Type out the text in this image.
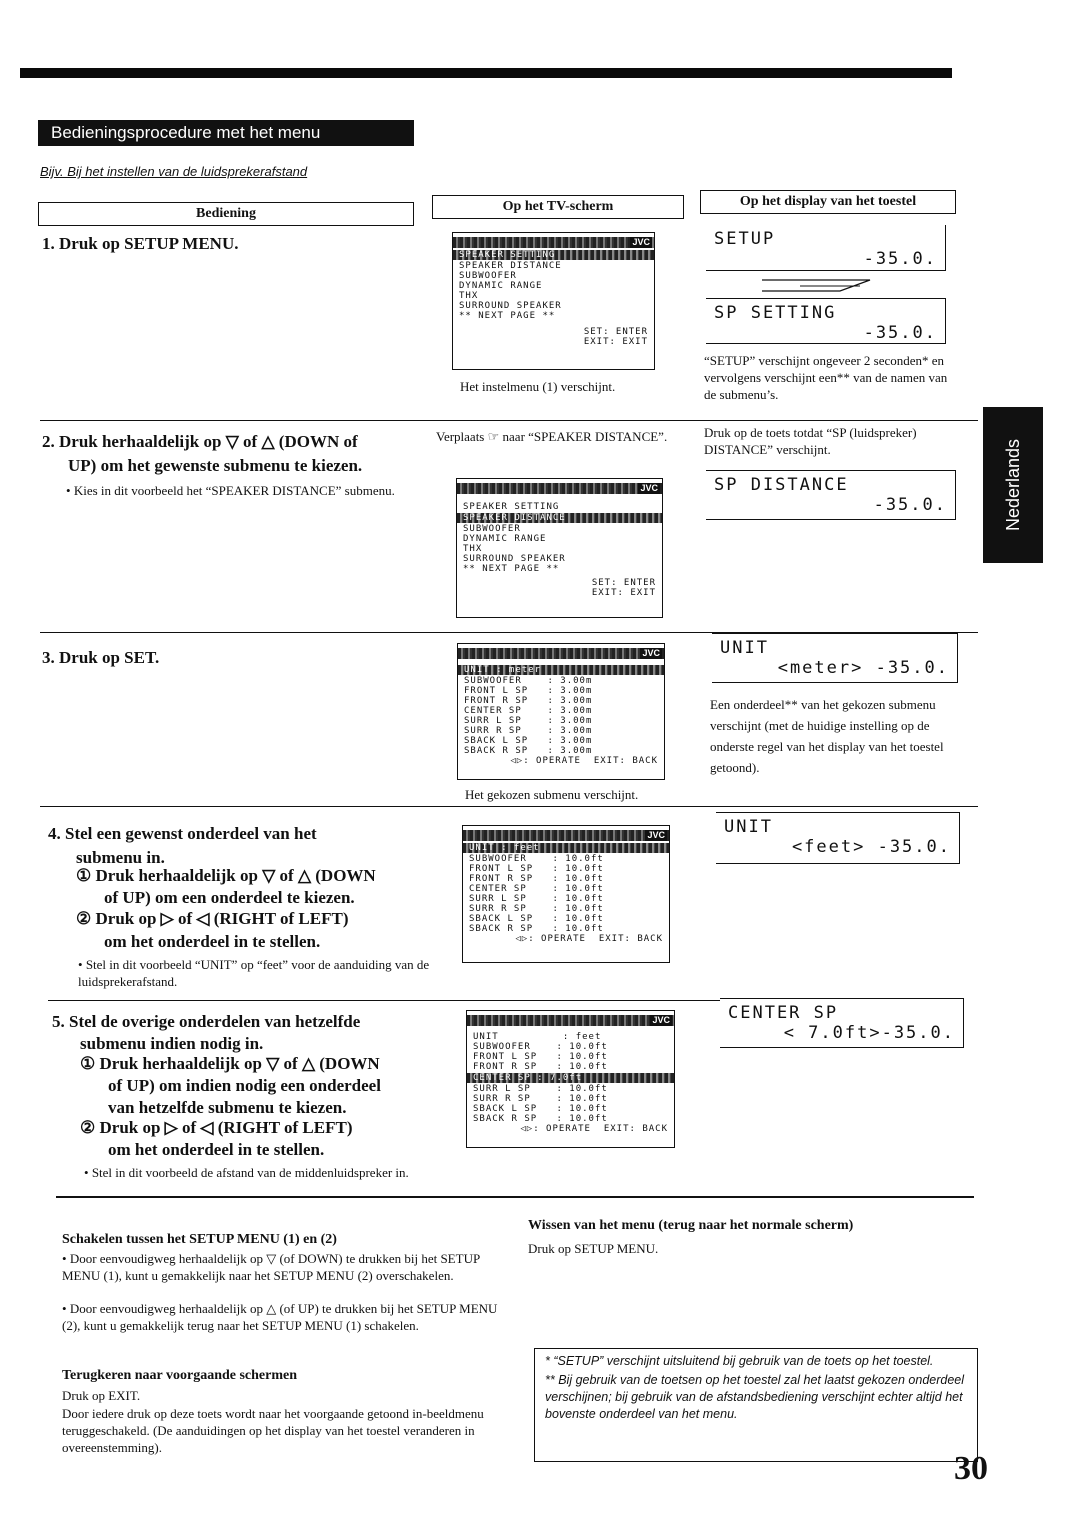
Bedieningsprocedure met het menu
Bijv. Bij het instellen van de luidsprekerafstand
Bediening	Op het TV-scherm	Op het display van het toestel
Nederlands
1. Druk op SETUP MENU.	JVC
SPEAKER SETTING
SPEAKER DISTANCE
SUBWOOFER
DYNAMIC RANGE
THX
SURROUND SPEAKER
** NEXT PAGE **
SET: ENTER
EXIT: EXIT
Het instelmenu (1) verschijnt.
SETUP
-35.0.
SP SETTING
-35.0.
“SETUP” verschijnt ongeveer 2 seconden* en vervolgens verschijnt een** van de namen van de submenu’s.
2. Druk herhaaldelijk op ▽ of △ (DOWN of
UP) om het gewenste submenu te kiezen.
• Kies in dit voorbeeld het “SPEAKER DISTANCE” submenu.
Verplaats ☞ naar “SPEAKER DISTANCE”.
JVC
SPEAKER SETTING
SPEAKER DISTANCE
SUBWOOFER
DYNAMIC RANGE
THX
SURROUND SPEAKER
** NEXT PAGE **
SET: ENTER
EXIT: EXIT
Druk op de toets totdat “SP (luidspreker) DISTANCE” verschijnt.
SP DISTANCE
-35.0.
3. Druk op SET.	JVC
UNIT : meter
SUBWOOFER    : 3.00m
FRONT L SP   : 3.00m
FRONT R SP   : 3.00m
CENTER SP    : 3.00m
SURR L SP    : 3.00m
SURR R SP    : 3.00m
SBACK L SP   : 3.00m
SBACK R SP   : 3.00m
◁▷: OPERATE  EXIT: BACK
Het gekozen submenu verschijnt.
UNIT
<meter> -35.0.
Een onderdeel** van het gekozen submenu verschijnt (met de huidige instelling op de onderste regel van het display van het toestel getoond).
4. Stel een gewenst onderdeel van het
submenu in.
① Druk herhaaldelijk op ▽ of △ (DOWN
of UP) om een onderdeel te kiezen.
② Druk op ▷ of ◁ (RIGHT of LEFT)
om het onderdeel in te stellen.
• Stel in dit voorbeeld “UNIT” op “feet” voor de aanduiding van de luidsprekerafstand.
JVC
UNIT : feet
SUBWOOFER    : 10.0ft
FRONT L SP   : 10.0ft
FRONT R SP   : 10.0ft
CENTER SP    : 10.0ft
SURR L SP    : 10.0ft
SURR R SP    : 10.0ft
SBACK L SP   : 10.0ft
SBACK R SP   : 10.0ft
◁▷: OPERATE  EXIT: BACK
UNIT
<feet> -35.0.
5. Stel de overige onderdelen van hetzelfde
submenu indien nodig in.
① Druk herhaaldelijk op ▽ of △ (DOWN
of UP) om indien nodig een onderdeel
van hetzelfde submenu te kiezen.
② Druk op ▷ of ◁ (RIGHT of LEFT)
om het onderdeel in te stellen.
• Stel in dit voorbeeld de afstand van de middenluidspreker in.
JVC
UNIT          : feet
SUBWOOFER    : 10.0ft
FRONT L SP   : 10.0ft
FRONT R SP   : 10.0ft
CENTER SP : 7.0ft
SURR L SP    : 10.0ft
SURR R SP    : 10.0ft
SBACK L SP   : 10.0ft
SBACK R SP   : 10.0ft
◁▷: OPERATE  EXIT: BACK
CENTER SP
< 7.0ft>-35.0.
Schakelen tussen het SETUP MENU (1) en (2)
• Door eenvoudigweg herhaaldelijk op ▽ (of DOWN) te drukken bij het SETUP MENU (1), kunt u gemakkelijk naar het SETUP MENU (2) overschakelen.
• Door eenvoudigweg herhaaldelijk op △ (of UP) te drukken bij het SETUP MENU (2), kunt u gemakkelijk terug naar het SETUP MENU (1) schakelen.
Terugkeren naar voorgaande schermen
Druk op EXIT.
Door iedere druk op deze toets wordt naar het voorgaande getoond in-beeldmenu teruggeschakeld. (De aanduidingen op het display van het toestel veranderen in overeenstemming).
Wissen van het menu (terug naar het normale scherm)
Druk op SETUP MENU.
* “SETUP” verschijnt uitsluitend bij gebruik van de toets op het toestel.
** Bij gebruik van de toetsen op het toestel zal het laatst gekozen onderdeel verschijnen; bij gebruik van de afstandsbediening verschijnt echter altijd het bovenste onderdeel van het menu.
30
